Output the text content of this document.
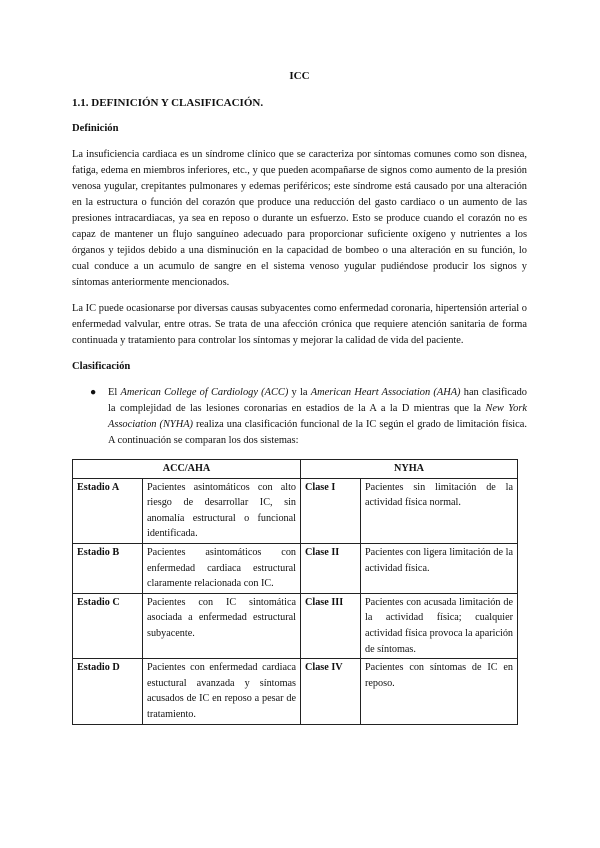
ICC
1.1. DEFINICIÓN Y CLASIFICACIÓN.
Definición

La insuficiencia cardiaca es un síndrome clínico que se caracteriza por síntomas comunes como son disnea, fatiga, edema en miembros inferiores, etc., y que pueden acompañarse de signos como aumento de la presión venosa yugular, crepitantes pulmonares y edemas periféricos; este síndrome está causado por una alteración en la estructura o función del corazón que produce una reducción del gasto cardiaco o un aumento de las presiones intracardiacas, ya sea en reposo o durante un esfuerzo. Esto se produce cuando el corazón no es capaz de mantener un flujo sanguíneo adecuado para proporcionar suficiente oxígeno y nutrientes a los órganos y tejidos debido a una disminución en la capacidad de bombeo o una alteración en su función, lo cual conduce a un acumulo de sangre en el sistema venoso yugular pudiéndose producir los signos y síntomas anteriormente mencionados.

La IC puede ocasionarse por diversas causas subyacentes como enfermedad coronaria, hipertensión arterial o enfermedad valvular, entre otras. Se trata de una afección crónica que requiere atención sanitaria de forma continuada y tratamiento para controlar los síntomas y mejorar la calidad de vida del paciente.

Clasificación
● El American College of Cardiology (ACC) y la American Heart Association (AHA) han clasificado la complejidad de las lesiones coronarias en estadios de la A a la D mientras que la New York Association (NYHA) realiza una clasificación funcional de la IC según el grado de limitación física. A continuación se comparan los dos sistemas:
ACC/AHA		NYHA	
Estadio A	Pacientes asintomáticos con alto riesgo de desarrollar IC, sin anomalía estructural o funcional identificada.	Clase I	Pacientes sin limitación de la actividad física normal.
Estadio B	Pacientes asintomáticos con enfermedad cardiaca estructural claramente relacionada con IC.	Clase II	Pacientes con ligera limitación de la actividad física.
Estadio C	Pacientes con IC sintomática asociada a enfermedad estructural subyacente.	Clase III	Pacientes con acusada limitación de la actividad física; cualquier actividad física provoca la aparición de síntomas.
Estadio D	Pacientes con enfermedad cardiaca estuctural avanzada y síntomas acusados de IC en reposo a pesar de tratamiento.	Clase IV	Pacientes con síntomas de IC en reposo.
